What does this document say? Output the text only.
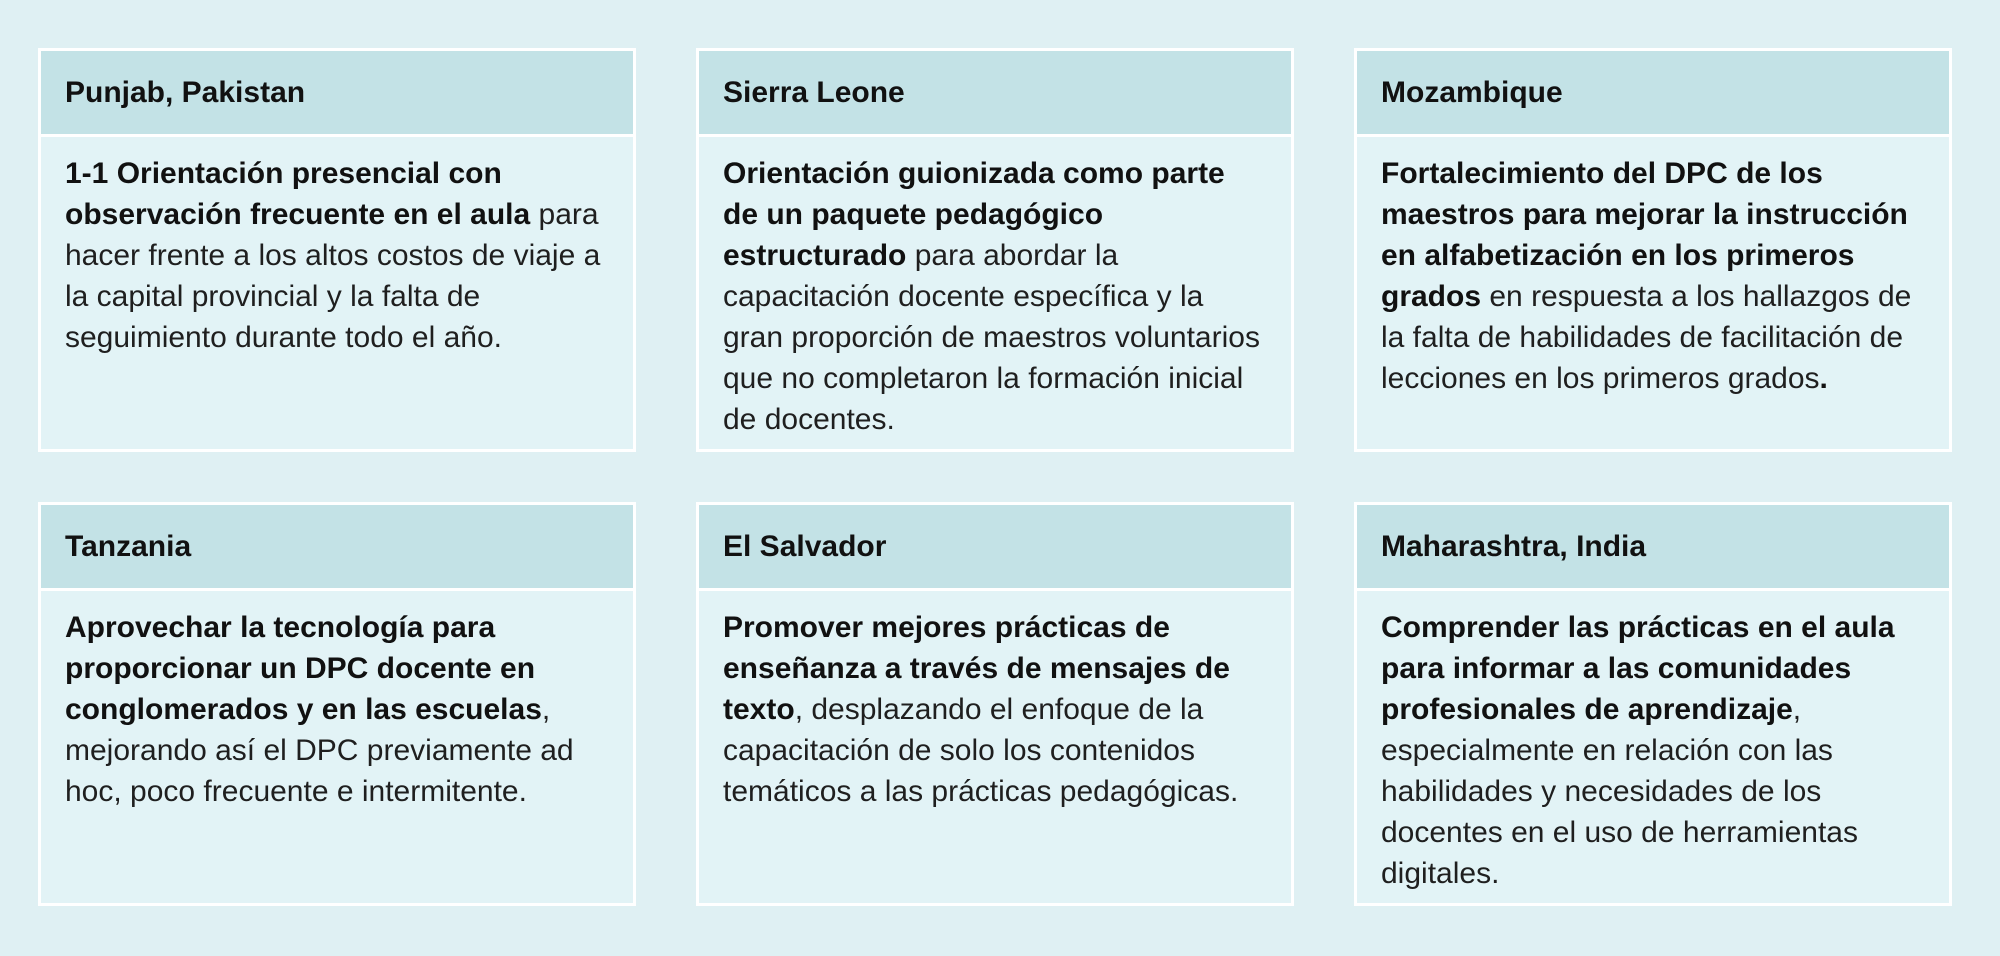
Punjab, Pakistan
1-1 Orientación presencial con observación frecuente en el aula para hacer frente a los altos costos de viaje a la capital provincial y la falta de seguimiento durante todo el año.
Sierra Leone
Orientación guionizada como parte de un paquete pedagógico estructurado para abordar la capacitación docente específica y la gran proporción de maestros voluntarios que no completaron la formación inicial de docentes.
Mozambique
Fortalecimiento del DPC de los maestros para mejorar la instrucción en alfabetización en los primeros grados en respuesta a los hallazgos de la falta de habilidades de facilitación de lecciones en los primeros grados.
Tanzania
Aprovechar la tecnología para proporcionar un DPC docente en conglomerados y en las escuelas, mejorando así el DPC previamente ad hoc, poco frecuente e intermitente.
El Salvador
Promover mejores prácticas de enseñanza a través de mensajes de texto, desplazando el enfoque de la capacitación de solo los contenidos temáticos a las prácticas pedagógicas.
Maharashtra, India
Comprender las prácticas en el aula para informar a las comunidades profesionales de aprendizaje, especialmente en relación con las habilidades y necesidades de los docentes en el uso de herramientas digitales.
